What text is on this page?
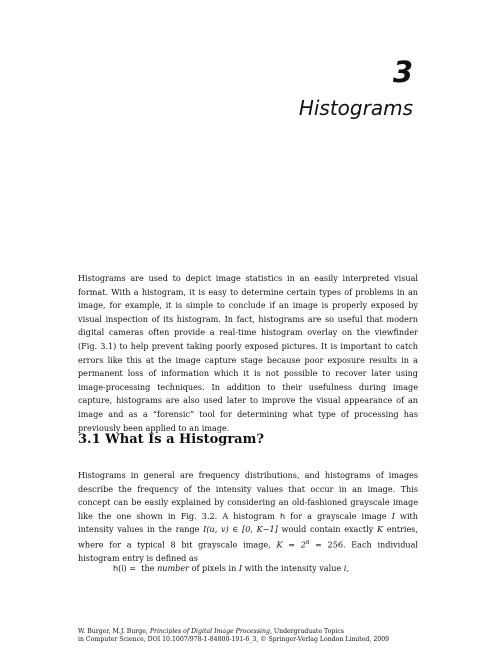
3
Histograms

Histograms are used to depict image statistics in an easily interpreted visual format. With a histogram, it is easy to determine certain types of problems in an image, for example, it is simple to conclude if an image is properly exposed by visual inspection of its histogram. In fact, histograms are so useful that modern digital cameras often provide a real-time histogram overlay on the viewfinder (Fig. 3.1) to help prevent taking poorly exposed pictures. It is important to catch errors like this at the image capture stage because poor exposure results in a permanent loss of information which it is not possible to recover later using image-processing techniques. In addition to their usefulness during image capture, histograms are also used later to improve the visual appearance of an image and as a “forensic” tool for determining what type of processing has previously been applied to an image.

3.1 What Is a Histogram?

Histograms in general are frequency distributions, and histograms of images describe the frequency of the intensity values that occur in an image. This concept can be easily explained by considering an old-fashioned grayscale image like the one shown in Fig. 3.2. A histogram h for a grayscale image I with intensity values in the range I(u, v) ∈ [0, K−1] would contain exactly K entries, where for a typical 8 bit grayscale image, $K = 2^8 = 256$. Each individual histogram entry is defined as

h(i) = the number of pixels in I with the intensity value i,
W. Burger, M.J. Burge, Principles of Digital Image Processing, Undergraduate Topics
in Computer Science, DOI 10.1007/978-1-84800-191-6_3, © Springer-Verlag London Limited, 2009
